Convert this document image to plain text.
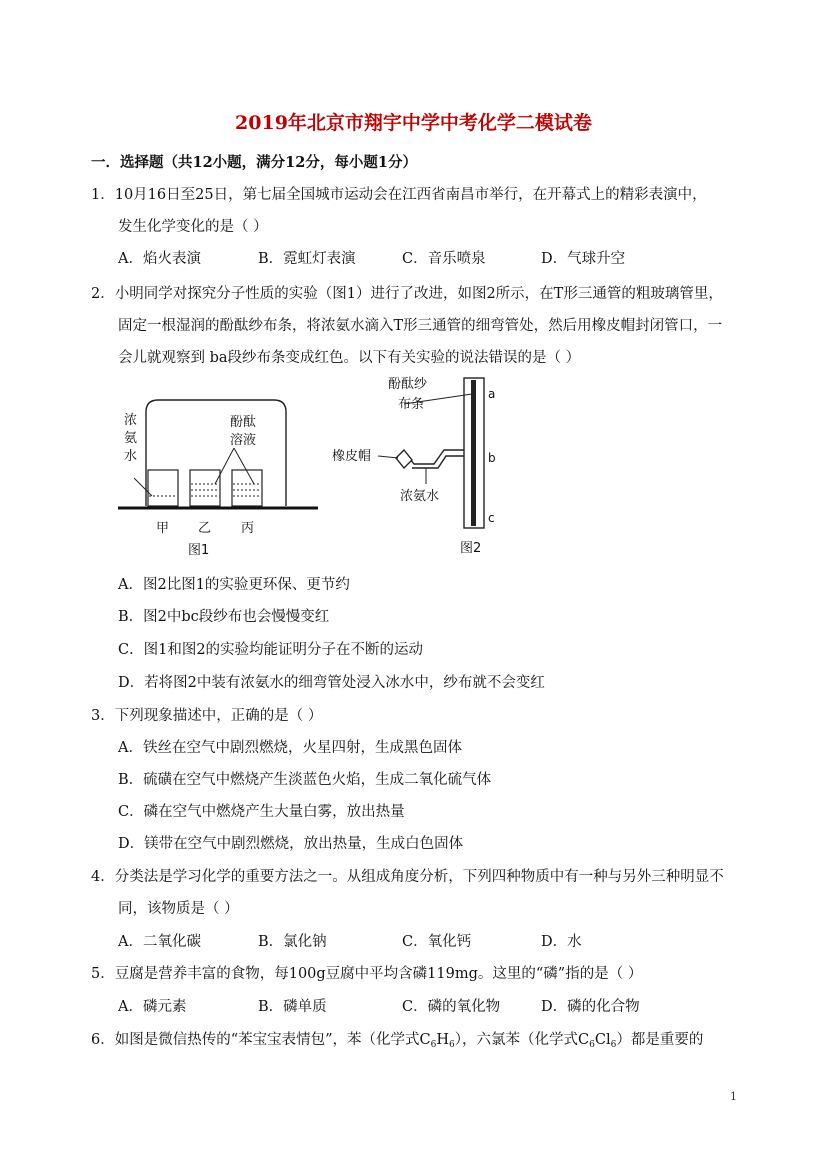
2019年北京市翔宇中学中考化学二模试卷
一．选择题（共12小题，满分12分，每小题1分）
1．10月16日至25日，第七届全国城市运动会在江西省南昌市举行，在开幕式上的精彩表演中，
发生化学变化的是（ ）
A．焰火表演	B．霓虹灯表演	C．音乐喷泉	D．气球升空
2．小明同学对探究分子性质的实验（图1）进行了改进，如图2所示，在T形三通管的粗玻璃管里，
固定一根湿润的酚酞纱布条，将浓氨水滴入T形三通管的细弯管处，然后用橡皮帽封闭管口，一
会儿就观察到 ba段纱布条变成红色。以下有关实验的说法错误的是（ ）
浓
氨
水
酚酞
溶液
甲 乙 丙
图1
酚酞纱
布条
橡皮帽
浓氨水
a
b
c
图2
A．图2比图1的实验更环保、更节约
B．图2中bc段纱布也会慢慢变红
C．图1和图2的实验均能证明分子在不断的运动
D．若将图2中装有浓氨水的细弯管处浸入冰水中，纱布就不会变红
3．下列现象描述中，正确的是（ ）
A．铁丝在空气中剧烈燃烧，火星四射，生成黑色固体
B．硫磺在空气中燃烧产生淡蓝色火焰，生成二氧化硫气体
C．磷在空气中燃烧产生大量白雾，放出热量
D．镁带在空气中剧烈燃烧，放出热量，生成白色固体
4．分类法是学习化学的重要方法之一。从组成角度分析，下列四种物质中有一种与另外三种明显不
同，该物质是（ ）
A．二氧化碳	B．氯化钠	C．氧化钙	D．水
5．豆腐是营养丰富的食物，每100g豆腐中平均含磷119mg。这里的“磷”指的是（ ）
A．磷元素	B．磷单质	C．磷的氧化物	D．磷的化合物
6．如图是微信热传的“苯宝宝表情包”，苯（化学式$C_6H_6$），六氯苯（化学式$C_6Cl_6$）都是重要的
1
